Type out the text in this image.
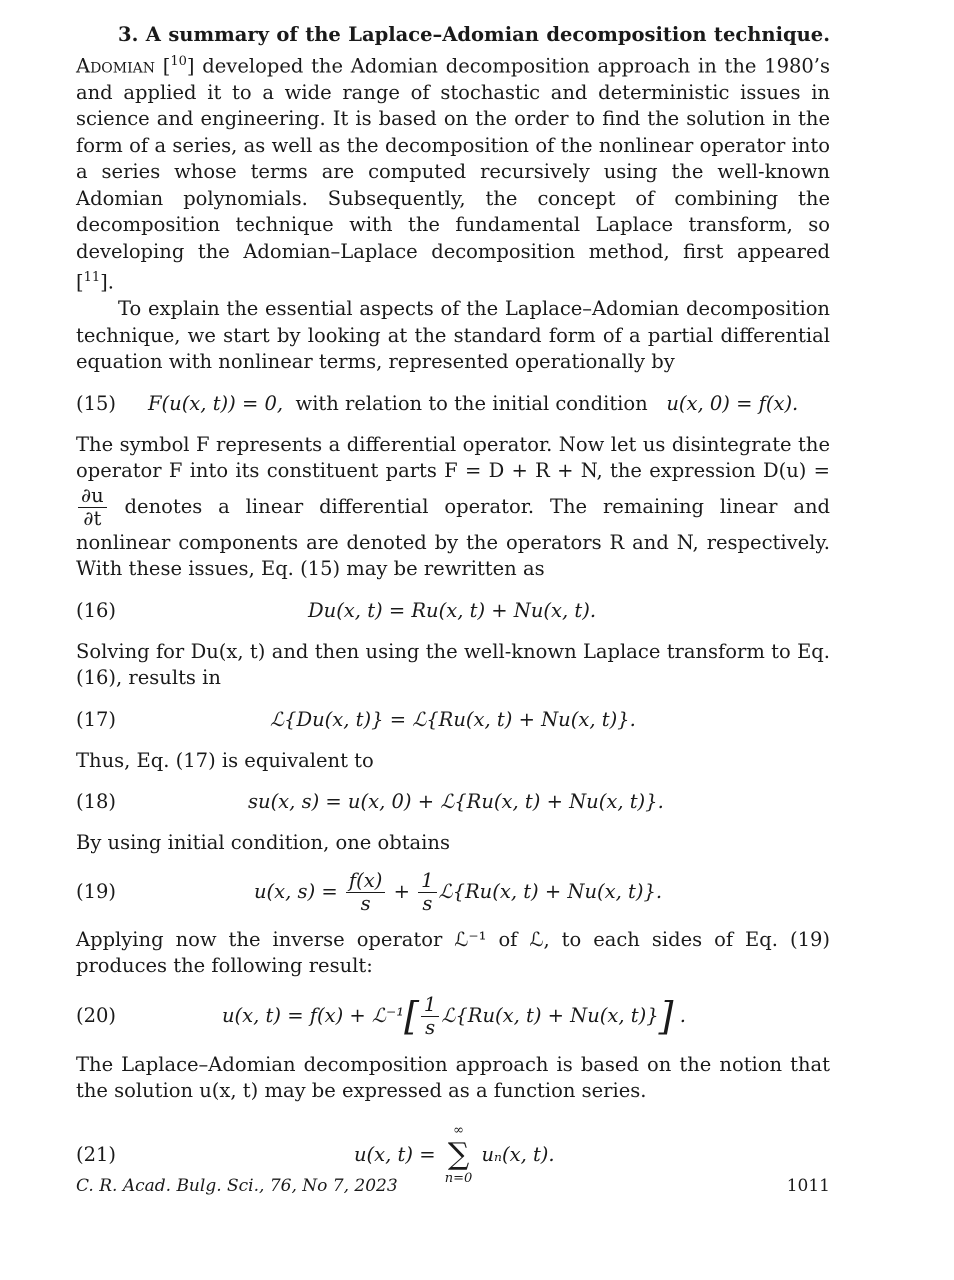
3. A summary of the Laplace–Adomian decomposition technique. Adomian [$^{10}$] developed the Adomian decomposition approach in the 1980’s and applied it to a wide range of stochastic and deterministic issues in science and engineering. It is based on the order to find the solution in the form of a series, as well as the decomposition of the nonlinear operator into a series whose terms are computed recursively using the well-known Adomian polynomials. Subsequently, the concept of combining the decomposition technique with the fundamental Laplace transform, so developing the Adomian–Laplace decomposition method, first appeared [$^{11}$].

To explain the essential aspects of the Laplace–Adomian decomposition technique, we start by looking at the standard form of a partial differential equation with nonlinear terms, represented operationally by

(15) F(u(x, t)) = 0, with relation to the initial condition u(x, 0) = f(x).

The symbol F represents a differential operator. Now let us disintegrate the operator F into its constituent parts F = D + R + N, the expression D(u) =
$\frac{\partial u}{\partial t}$ denotes a linear differential operator. The remaining linear and nonlinear components are denoted by the operators R and N, respectively. With these issues, Eq. (15) may be rewritten as

(16)	Du(x, t) = Ru(x, t) + Nu(x, t).

Solving for Du(x, t) and then using the well-known Laplace transform to Eq. (16), results in

(17)	ℒ{Du(x, t)} = ℒ{Ru(x, t) + Nu(x, t)}.

Thus, Eq. (17) is equivalent to

(18)	su(x, s) = u(x, 0) + ℒ{Ru(x, t) + Nu(x, t)}.

By using initial condition, one obtains

(19)	u(x, $s) = \frac{f(x)}{s} + \frac{1}{s}$ ℒ{Ru(x, t) + Nu(x, t)}.

Applying now the inverse operator ℒ⁻¹ of ℒ, to each sides of Eq. (19) produces the following result:

(20)	u(x, t) = f(x) + ℒ⁻¹[ $\frac{1}{s}$ ℒ{Ru(x, t) + Nu(x, t)}] .

The Laplace–Adomian decomposition approach is based on the notion that the solution u(x, t) may be expressed as a function series.

(21)	u(x, t) =
∞
∑
n=0
uₙ(x, t).
C. R. Acad. Bulg. Sci., 76, No 7, 2023	1011
